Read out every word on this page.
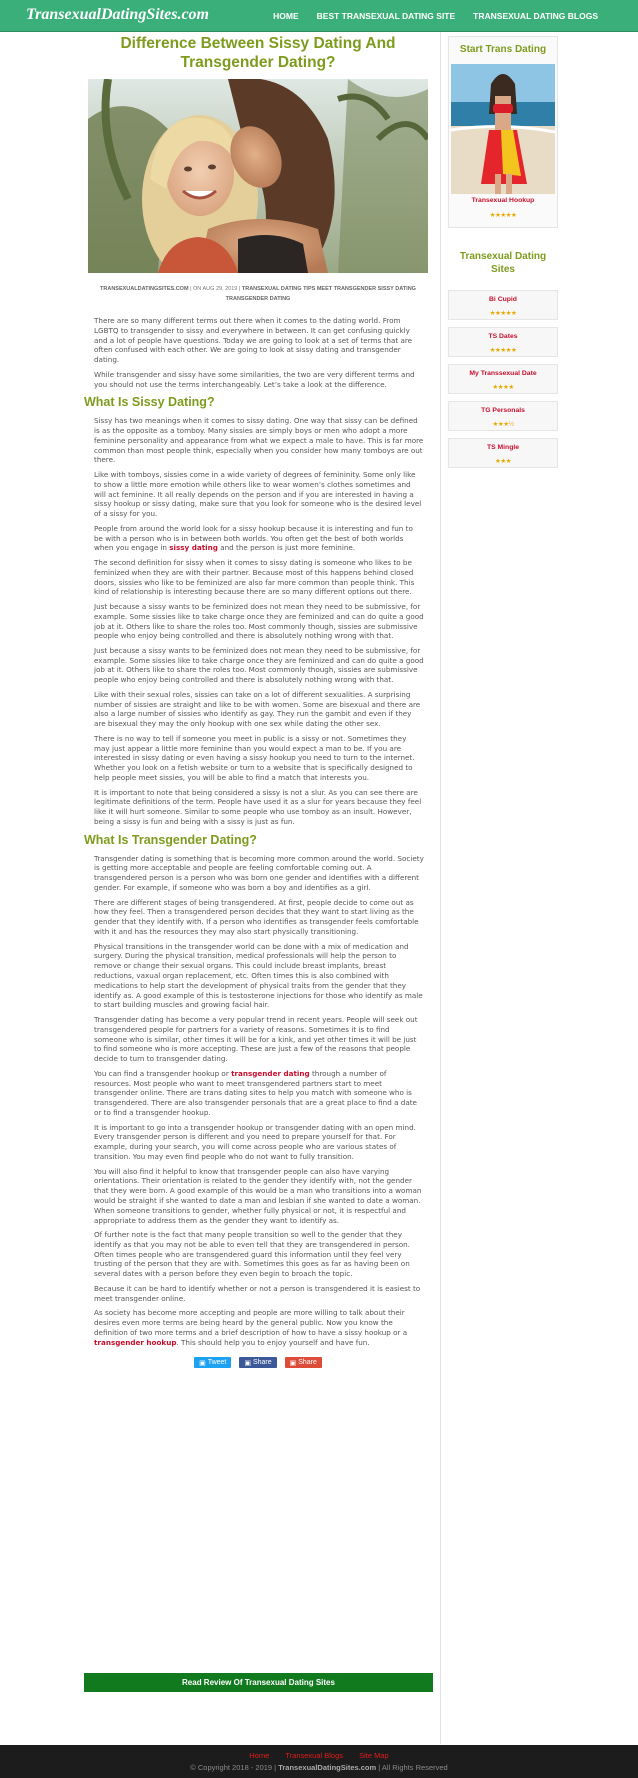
TransexualDatingSites.com	HOME BEST TRANSEXUAL DATING SITE TRANSEXUAL DATING BLOGS
Difference Between Sissy Dating And Transgender Dating?
TRANSEXUALDATINGSITES.COM | ON AUG 29, 2019 | TRANSEXUAL DATING TIPS MEET TRANSGENDER SISSY DATING TRANSGENDER DATING

There are so many different terms out there when it comes to the dating world. From LGBTQ to transgender to sissy and everywhere in between. It can get confusing quickly and a lot of people have questions. Today we are going to look at a set of terms that are often confused with each other. We are going to look at sissy dating and transgender dating.

While transgender and sissy have some similarities, the two are very different terms and you should not use the terms interchangeably. Let’s take a look at the difference.

What Is Sissy Dating?

Sissy has two meanings when it comes to sissy dating. One way that sissy can be defined is as the opposite as a tomboy. Many sissies are simply boys or men who adopt a more feminine personality and appearance from what we expect a male to have. This is far more common than most people think, especially when you consider how many tomboys are out there.

Like with tomboys, sissies come in a wide variety of degrees of femininity. Some only like to show a little more emotion while others like to wear women’s clothes sometimes and will act feminine. It all really depends on the person and if you are interested in having a sissy hookup or sissy dating, make sure that you look for someone who is the desired level of a sissy for you.

People from around the world look for a sissy hookup because it is interesting and fun to be with a person who is in between both worlds. You often get the best of both worlds when you engage in sissy dating and the person is just more feminine.

The second definition for sissy when it comes to sissy dating is someone who likes to be feminized when they are with their partner. Because most of this happens behind closed doors, sissies who like to be feminized are also far more common than people think. This kind of relationship is interesting because there are so many different options out there.

Just because a sissy wants to be feminized does not mean they need to be submissive, for example. Some sissies like to take charge once they are feminized and can do quite a good job at it. Others like to share the roles too. Most commonly though, sissies are submissive people who enjoy being controlled and there is absolutely nothing wrong with that.

Just because a sissy wants to be feminized does not mean they need to be submissive, for example. Some sissies like to take charge once they are feminized and can do quite a good job at it. Others like to share the roles too. Most commonly though, sissies are submissive people who enjoy being controlled and there is absolutely nothing wrong with that.

Like with their sexual roles, sissies can take on a lot of different sexualities. A surprising number of sissies are straight and like to be with women. Some are bisexual and there are also a large number of sissies who identify as gay. They run the gambit and even if they are bisexual they may the only hookup with one sex while dating the other sex.

There is no way to tell if someone you meet in public is a sissy or not. Sometimes they may just appear a little more feminine than you would expect a man to be. If you are interested in sissy dating or even having a sissy hookup you need to turn to the internet. Whether you look on a fetish website or turn to a website that is specifically designed to help people meet sissies, you will be able to find a match that interests you.

It is important to note that being considered a sissy is not a slur. As you can see there are legitimate definitions of the term. People have used it as a slur for years because they feel like it will hurt someone. Similar to some people who use tomboy as an insult. However, being a sissy is fun and being with a sissy is just as fun.

What Is Transgender Dating?

Transgender dating is something that is becoming more common around the world. Society is getting more acceptable and people are feeling comfortable coming out. A transgendered person is a person who was born one gender and identifies with a different gender. For example, if someone who was born a boy and identifies as a girl.

There are different stages of being transgendered. At first, people decide to come out as how they feel. Then a transgendered person decides that they want to start living as the gender that they identify with. If a person who identifies as transgender feels comfortable with it and has the resources they may also start physically transitioning.

Physical transitions in the transgender world can be done with a mix of medication and surgery. During the physical transition, medical professionals will help the person to remove or change their sexual organs. This could include breast implants, breast reductions, vaxual organ replacement, etc. Often times this is also combined with medications to help start the development of physical traits from the gender that they identify as. A good example of this is testosterone injections for those who identify as male to start building muscles and growing facial hair.

Transgender dating has become a very popular trend in recent years. People will seek out transgendered people for partners for a variety of reasons. Sometimes it is to find someone who is similar, other times it will be for a kink, and yet other times it will be just to find someone who is more accepting. These are just a few of the reasons that people decide to turn to transgender dating.

You can find a transgender hookup or transgender dating through a number of resources. Most people who want to meet transgendered partners start to meet transgender online. There are trans dating sites to help you match with someone who is transgendered. There are also transgender personals that are a great place to find a date or to find a transgender hookup.

It is important to go into a transgender hookup or transgender dating with an open mind. Every transgender person is different and you need to prepare yourself for that. For example, during your search, you will come across people who are various states of transition. You may even find people who do not want to fully transition.

You will also find it helpful to know that transgender people can also have varying orientations. Their orientation is related to the gender they identify with, not the gender that they were born. A good example of this would be a man who transitions into a woman would be straight if she wanted to date a man and lesbian if she wanted to date a woman. When someone transitions to gender, whether fully physical or not, it is respectful and appropriate to address them as the gender they want to identify as.

Of further note is the fact that many people transition so well to the gender that they identify as that you may not be able to even tell that they are transgendered in person. Often times people who are transgendered guard this information until they feel very trusting of the person that they are with. Sometimes this goes as far as having been on several dates with a person before they even begin to broach the topic.

Because it can be hard to identify whether or not a person is transgendered it is easiest to meet transgender online.

As society has become more accepting and people are more willing to talk about their desires even more terms are being heard by the general public. Now you know the definition of two more terms and a brief description of how to have a sissy hookup or a transgender hookup. This should help you to enjoy yourself and have fun.

▣ Tweet	▣ Share	▣ Share
Read Review Of Transexual Dating Sites
Start Trans Dating
Transexual Hookup
★★★★★
Transexual Dating Sites
Bi Cupid
★★★★★
TS Dates
★★★★★
My Transsexual Date
★★★★
TG Personals
★★★½
TS Mingle
★★★
Home Transexual Blogs Site Map
© Copyright 2018 - 2019 | TransexualDatingSites.com | All Rights Reserved
